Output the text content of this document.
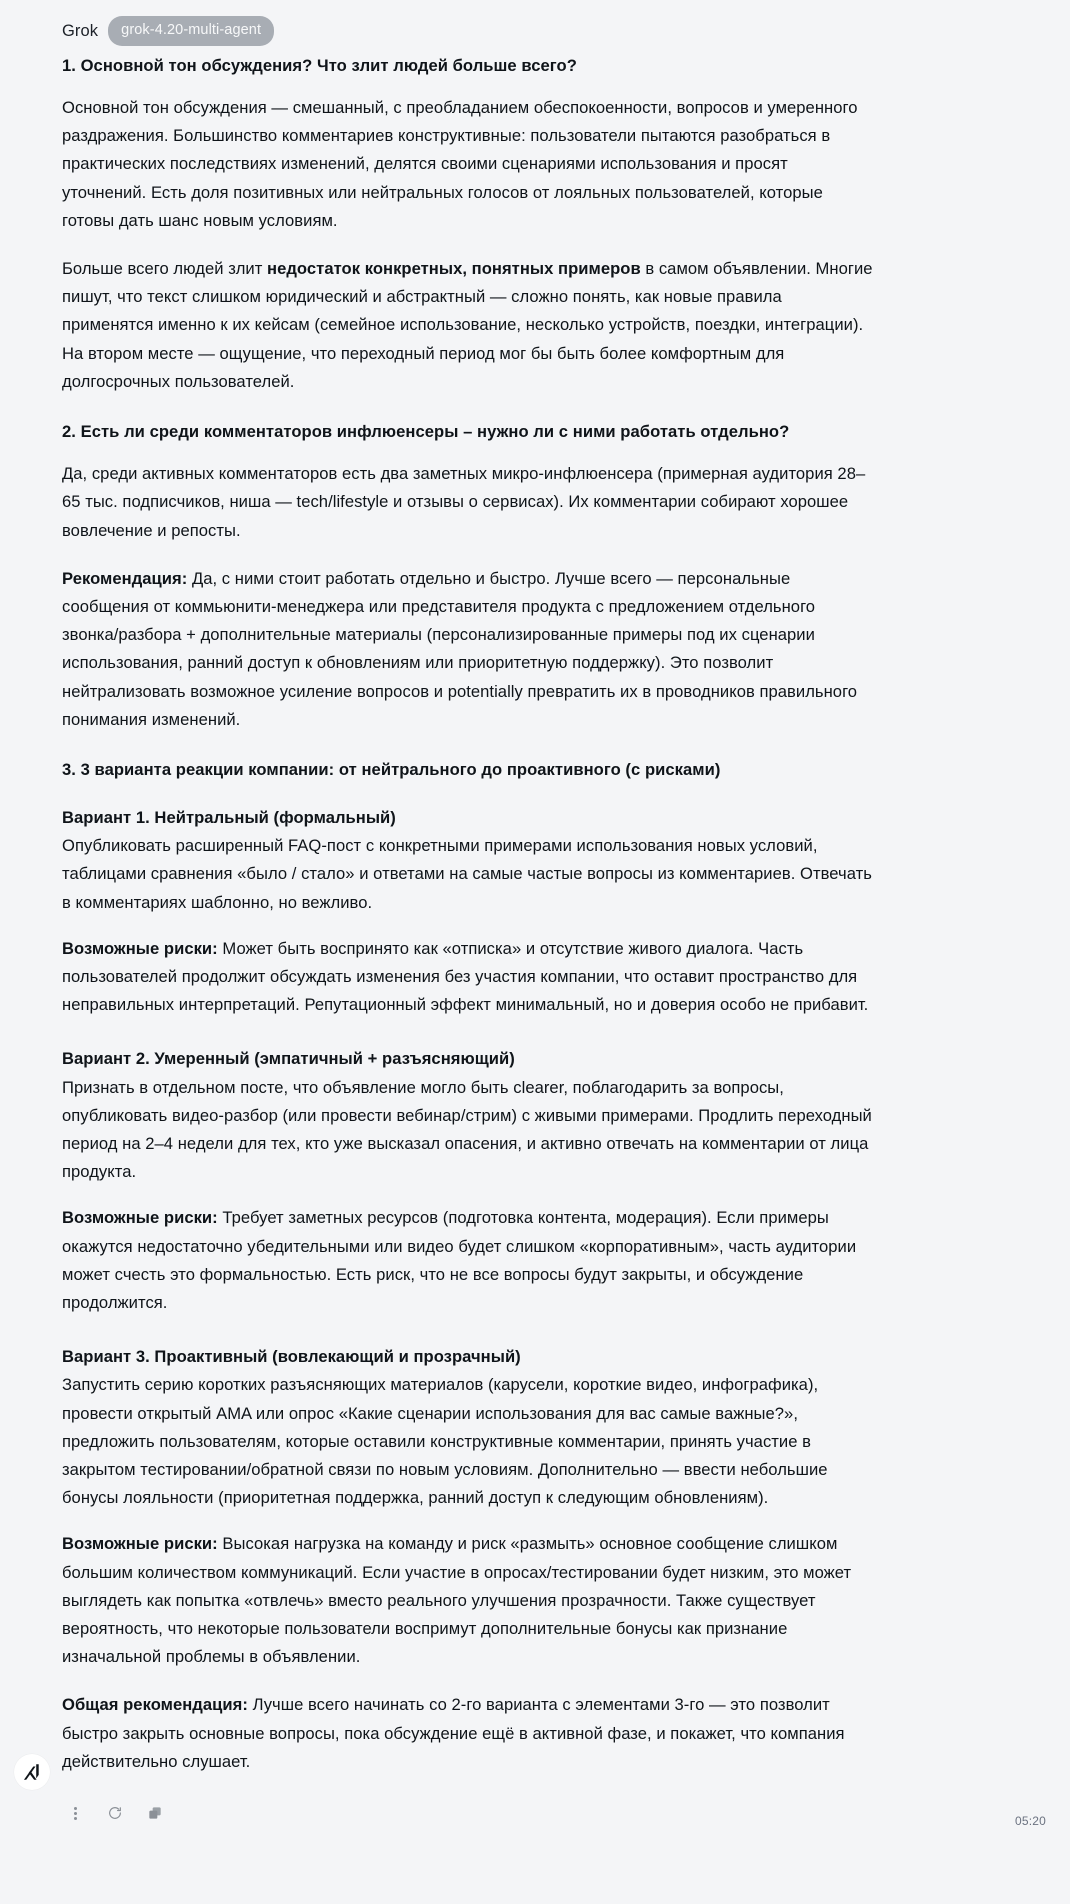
Grok	grok-4.20-multi-agent
1. Основной тон обсуждения? Что злит людей больше всего?

Основной тон обсуждения — смешанный, с преобладанием обеспокоенности, вопросов и умеренного раздражения. Большинство комментариев конструктивные: пользователи пытаются разобраться в практических последствиях изменений, делятся своими сценариями использования и просят уточнений. Есть доля позитивных или нейтральных голосов от лояльных пользователей, которые готовы дать шанс новым условиям.

Больше всего людей злит недостаток конкретных, понятных примеров в самом объявлении. Многие пишут, что текст слишком юридический и абстрактный — сложно понять, как новые правила применятся именно к их кейсам (семейное использование, несколько устройств, поездки, интеграции). На втором месте — ощущение, что переходный период мог бы быть более комфортным для долгосрочных пользователей.

2. Есть ли среди комментаторов инфлюенсеры – нужно ли с ними работать отдельно?

Да, среди активных комментаторов есть два заметных микро-инфлюенсера (примерная аудитория 28–65 тыс. подписчиков, ниша — tech/lifestyle и отзывы о сервисах). Их комментарии собирают хорошее вовлечение и репосты.

Рекомендация: Да, с ними стоит работать отдельно и быстро. Лучше всего — персональные сообщения от коммьюнити-менеджера или представителя продукта с предложением отдельного звонка/разбора + дополнительные материалы (персонализированные примеры под их сценарии использования, ранний доступ к обновлениям или приоритетную поддержку). Это позволит нейтрализовать возможное усиление вопросов и potentially превратить их в проводников правильного понимания изменений.

3. 3 варианта реакции компании: от нейтрального до проактивного (с рисками)

Вариант 1. Нейтральный (формальный)

Опубликовать расширенный FAQ-пост с конкретными примерами использования новых условий, таблицами сравнения «было / стало» и ответами на самые частые вопросы из комментариев. Отвечать в комментариях шаблонно, но вежливо.

Возможные риски: Может быть воспринято как «отписка» и отсутствие живого диалога. Часть пользователей продолжит обсуждать изменения без участия компании, что оставит пространство для неправильных интерпретаций. Репутационный эффект минимальный, но и доверия особо не прибавит.

Вариант 2. Умеренный (эмпатичный + разъясняющий)

Признать в отдельном посте, что объявление могло быть clearer, поблагодарить за вопросы, опубликовать видео-разбор (или провести вебинар/стрим) с живыми примерами. Продлить переходный период на 2–4 недели для тех, кто уже высказал опасения, и активно отвечать на комментарии от лица продукта.

Возможные риски: Требует заметных ресурсов (подготовка контента, модерация). Если примеры окажутся недостаточно убедительными или видео будет слишком «корпоративным», часть аудитории может счесть это формальностью. Есть риск, что не все вопросы будут закрыты, и обсуждение продолжится.

Вариант 3. Проактивный (вовлекающий и прозрачный)

Запустить серию коротких разъясняющих материалов (карусели, короткие видео, инфографика), провести открытый AMA или опрос «Какие сценарии использования для вас самые важные?», предложить пользователям, которые оставили конструктивные комментарии, принять участие в закрытом тестировании/обратной связи по новым условиям. Дополнительно — ввести небольшие бонусы лояльности (приоритетная поддержка, ранний доступ к следующим обновлениям).

Возможные риски: Высокая нагрузка на команду и риск «размыть» основное сообщение слишком большим количеством коммуникаций. Если участие в опросах/тестировании будет низким, это может выглядеть как попытка «отвлечь» вместо реального улучшения прозрачности. Также существует вероятность, что некоторые пользователи воспримут дополнительные бонусы как признание изначальной проблемы в объявлении.

Общая рекомендация: Лучше всего начинать со 2-го варианта с элементами 3-го — это позволит быстро закрыть основные вопросы, пока обсуждение ещё в активной фазе, и покажет, что компания действительно слушает.

05:20
